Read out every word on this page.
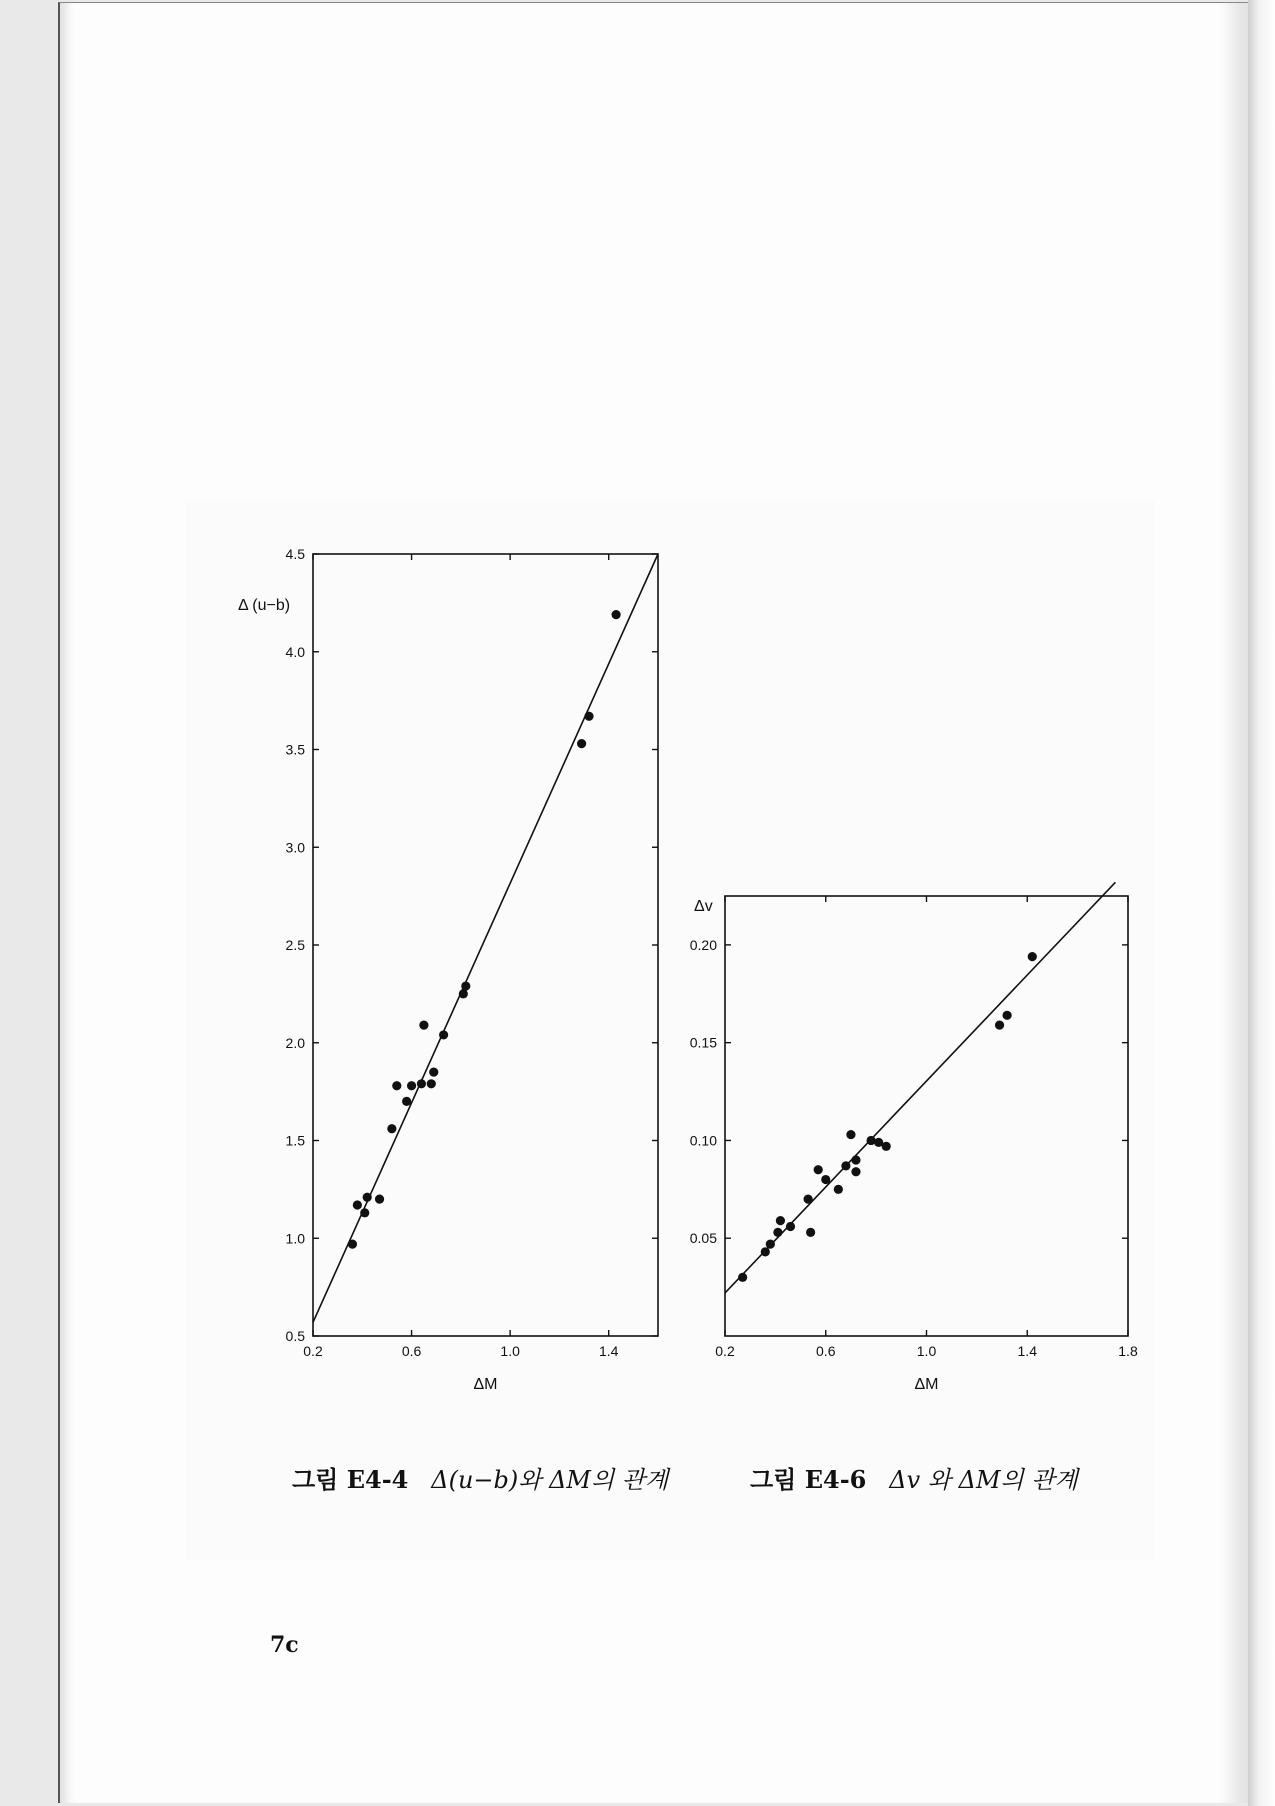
0.2	0.6	1.0	1.4
0.5
1.0
1.5
2.0
2.5
3.0
3.5
4.0
4.5
ΔM
Δ (u−b)
0.2	0.6	1.0	1.4	1.8
0.05
0.10
0.15
0.20
ΔM
Δv
그림 E4-4 Δ(u−b)와 ΔM의 관계	그림 E4-6 Δv 와 ΔM의 관계
7c
